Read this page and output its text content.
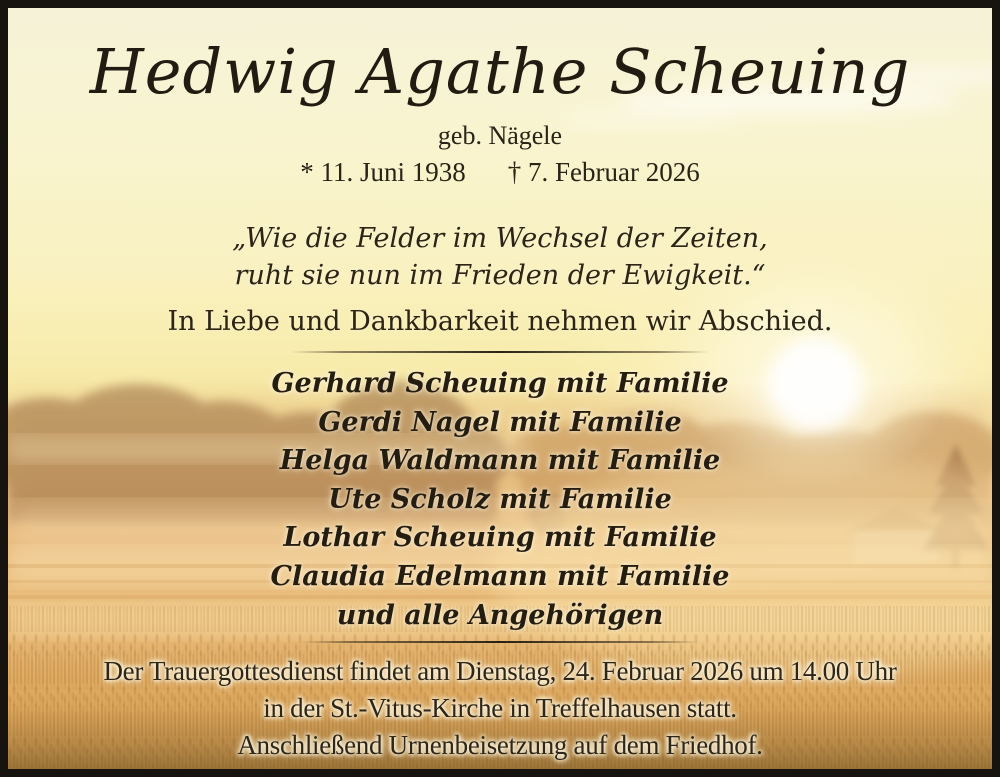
Hedwig Agathe Scheuing
geb. Nägele
* 11. Juni 1938 † 7. Februar 2026
„Wie die Felder im Wechsel der Zeiten,
ruht sie nun im Frieden der Ewigkeit.“
In Liebe und Dankbarkeit nehmen wir Abschied.
Gerhard Scheuing mit Familie
Gerdi Nagel mit Familie
Helga Waldmann mit Familie
Ute Scholz mit Familie
Lothar Scheuing mit Familie
Claudia Edelmann mit Familie
und alle Angehörigen
Der Trauergottesdienst findet am Dienstag, 24. Februar 2026 um 14.00 Uhr
in der St.-Vitus-Kirche in Treffelhausen statt.
Anschließend Urnenbeisetzung auf dem Friedhof.
